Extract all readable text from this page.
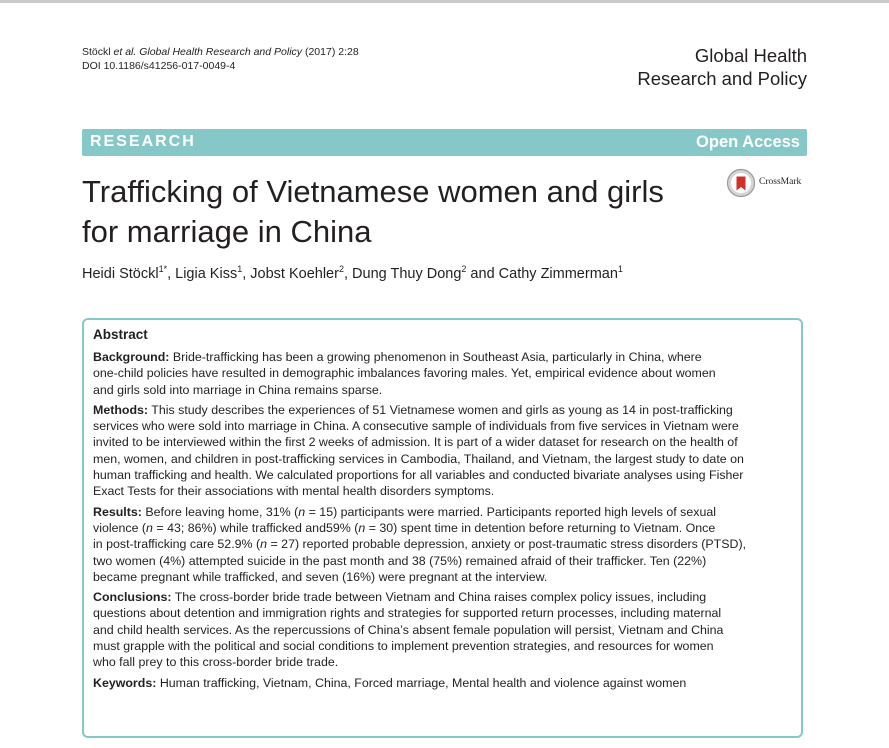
Stöckl et al. Global Health Research and Policy (2017) 2:28
DOI 10.1186/s41256-017-0049-4	Global Health
Research and Policy
RESEARCH	Open Access
Trafficking of Vietnamese women and girls
for marriage in China
CrossMark
Heidi Stöckl$^{1*}$, Ligia Kiss$^1$, Jobst Koehler$^2$, Dung Thuy Dong$^2$ and Cathy Zimmerman$^1$
Abstract
Background: Bride-trafficking has been a growing phenomenon in Southeast Asia, particularly in China, where
one-child policies have resulted in demographic imbalances favoring males. Yet, empirical evidence about women
and girls sold into marriage in China remains sparse.
Methods: This study describes the experiences of 51 Vietnamese women and girls as young as 14 in post-trafficking
services who were sold into marriage in China. A consecutive sample of individuals from five services in Vietnam were
invited to be interviewed within the first 2 weeks of admission. It is part of a wider dataset for research on the health of
men, women, and children in post-trafficking services in Cambodia, Thailand, and Vietnam, the largest study to date on
human trafficking and health. We calculated proportions for all variables and conducted bivariate analyses using Fisher
Exact Tests for their associations with mental health disorders symptoms.
Results: Before leaving home, 31% (n = 15) participants were married. Participants reported high levels of sexual
violence (n = 43; 86%) while trafficked and59% (n = 30) spent time in detention before returning to Vietnam. Once
in post-trafficking care 52.9% (n = 27) reported probable depression, anxiety or post-traumatic stress disorders (PTSD),
two women (4%) attempted suicide in the past month and 38 (75%) remained afraid of their trafficker. Ten (22%)
became pregnant while trafficked, and seven (16%) were pregnant at the interview.
Conclusions: The cross-border bride trade between Vietnam and China raises complex policy issues, including
questions about detention and immigration rights and strategies for supported return processes, including maternal
and child health services. As the repercussions of China’s absent female population will persist, Vietnam and China
must grapple with the political and social conditions to implement prevention strategies, and resources for women
who fall prey to this cross-border bride trade.
Keywords: Human trafficking, Vietnam, China, Forced marriage, Mental health and violence against women
